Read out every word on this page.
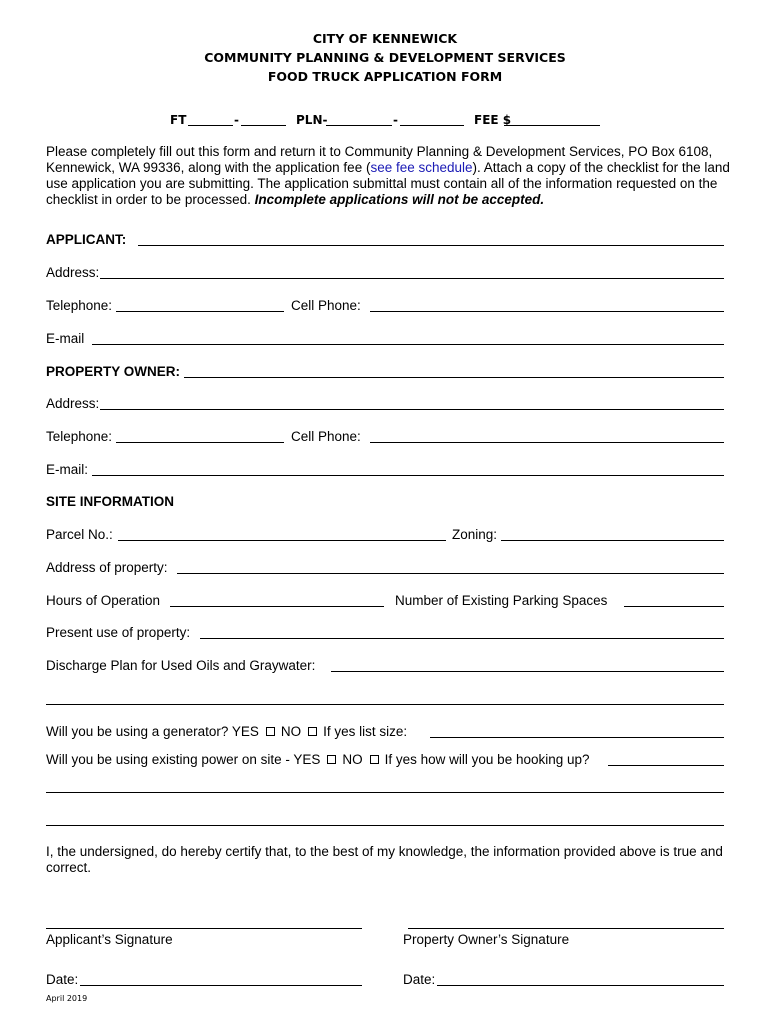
CITY OF KENNEWICK
COMMUNITY PLANNING & DEVELOPMENT SERVICES
FOOD TRUCK APPLICATION FORM
FT	-	PLN-	-	FEE $
Please completely fill out this form and return it to Community Planning & Development Services, PO Box 6108, Kennewick, WA 99336, along with the application fee (see fee schedule). Attach a copy of the checklist for the land use application you are submitting. The application submittal must contain all of the information requested on the checklist in order to be processed. Incomplete applications will not be accepted.
APPLICANT:
Address:
Telephone:	Cell Phone:
E-mail
PROPERTY OWNER:
Address:
Telephone:	Cell Phone:
E-mail:
SITE INFORMATION
Parcel No.:	Zoning:
Address of property:
Hours of Operation	Number of Existing Parking Spaces
Present use of property:
Discharge Plan for Used Oils and Graywater:
Will you be using a generator? YES NO If yes list size:
Will you be using existing power on site - YES NO If yes how will you be hooking up?
I, the undersigned, do hereby certify that, to the best of my knowledge, the information provided above is true and correct.
Applicant’s Signature	Property Owner’s Signature
Date:	Date:
April 2019
